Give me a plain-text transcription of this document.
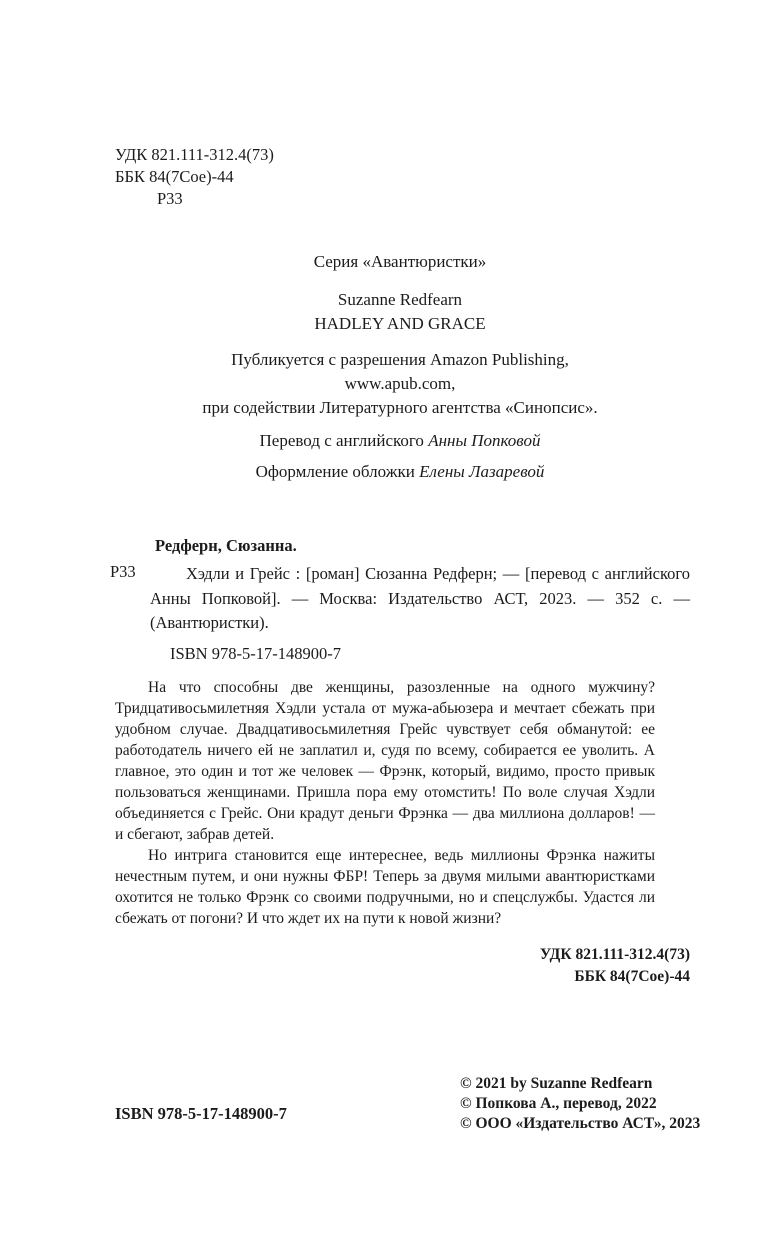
УДК 821.111-312.4(73)
ББК 84(7Сое)-44
Р33
Серия «Авантюристки»
Suzanne Redfearn
HADLEY AND GRACE
Публикуется с разрешения Amazon Publishing,
www.apub.com,
при содействии Литературного агентства «Синопсис».
Перевод с английского Анны Попковой
Оформление обложки Елены Лазаревой
Редферн, Сюзанна.
Р33	Хэдли и Грейс : [роман] Сюзанна Редферн; — [перевод с английского Анны Попковой]. — Москва: Издательство АСТ, 2023. — 352 с. — (Авантюристки).
ISBN 978-5-17-148900-7

На что способны две женщины, разозленные на одного мужчину? Тридцативосьмилетняя Хэдли устала от мужа-абьюзера и мечтает сбежать при удобном случае. Двадцативосьмилетняя Грейс чувствует себя обманутой: ее работодатель ничего ей не заплатил и, судя по всему, собирается ее уволить. А главное, это один и тот же человек — Фрэнк, который, видимо, просто привык пользоваться женщинами. Пришла пора ему отомстить! По воле случая Хэдли объединяется с Грейс. Они крадут деньги Фрэнка — два миллиона долларов! — и сбегают, забрав детей.

Но интрига становится еще интереснее, ведь миллионы Фрэнка нажиты нечестным путем, и они нужны ФБР! Теперь за двумя милыми авантюристками охотится не только Фрэнк со своими подручными, но и спецслужбы. Удастся ли сбежать от погони? И что ждет их на пути к новой жизни?

УДК 821.111-312.4(73)
ББК 84(7Сое)-44
ISBN 978-5-17-148900-7
© 2021 by Suzanne Redfearn
© Попкова А., перевод, 2022
© ООО «Издательство АСТ», 2023
